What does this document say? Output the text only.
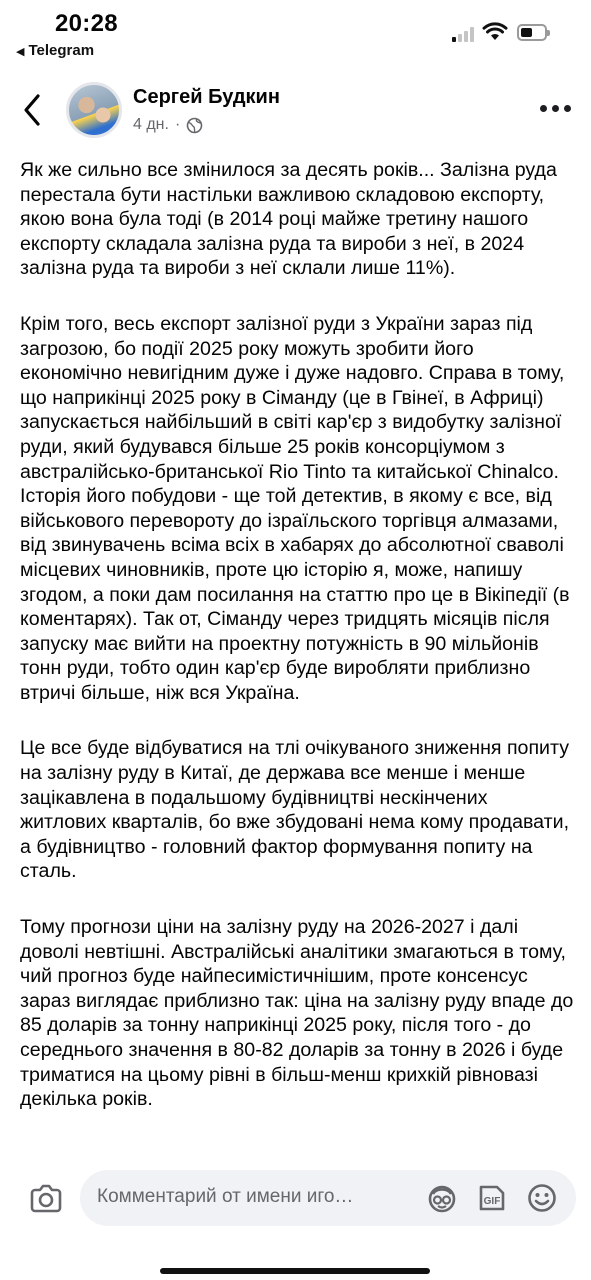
20:28
◀ Telegram
Сергей Будкин
4 дн. ·

Як же сильно все змінилося за десять років... Залізна руда перестала бути настільки важливою складовою експорту, якою вона була тоді (в 2014 році майже третину нашого експорту складала залізна руда та вироби з неї, в 2024 залізна руда та вироби з неї склали лише 11%).

Крім того, весь експорт залізної руди з України зараз під загрозою, бо події 2025 року можуть зробити його економічно невигідним дуже і дуже надовго. Справа в тому, що наприкінці 2025 року в Сіманду (це в Гвінеї, в Африці) запускається найбільший в світі кар'єр з видобутку залізної руди, який будувався більше 25 років консорціумом з австралійсько-британської Rio Tinto та китайської Chinalco. Історія його побудови - ще той детектив, в якому є все, від військового перевороту до ізраїльского торгівця алмазами, від звинувачень всіма всіх в хабарях до абсолютної сваволі місцевих чиновників, проте цю історію я, може, напишу згодом, а поки дам посилання на статтю про це в Вікіпедії (в коментарях). Так от, Сіманду через тридцять місяців після запуску має вийти на проектну потужність в 90 мільйонів тонн руди, тобто один кар'єр буде виробляти приблизно втричі більше, ніж вся Україна.

Це все буде відбуватися на тлі очікуваного зниження попиту на залізну руду в Китаї, де держава все менше і менше зацікавлена в подальшому будівництві нескінчених житлових кварталів, бо вже збудовані нема кому продавати, а будівництво - головний фактор формування попиту на сталь.

Тому прогнози ціни на залізну руду на 2026-2027 і далі доволі невтішні. Австралійські аналітики змагаються в тому, чий прогноз буде найпесимістичнішим, проте консенсус зараз виглядає приблизно так: ціна на залізну руду впаде до 85 доларів за тонну наприкінці 2025 року, після того - до середнього значення в 80-82 доларів за тонну в 2026 і буде триматися на цьому рівні в більш-менш крихкій рівновазі декілька років.

Комментарий от имени иго…	GIF
